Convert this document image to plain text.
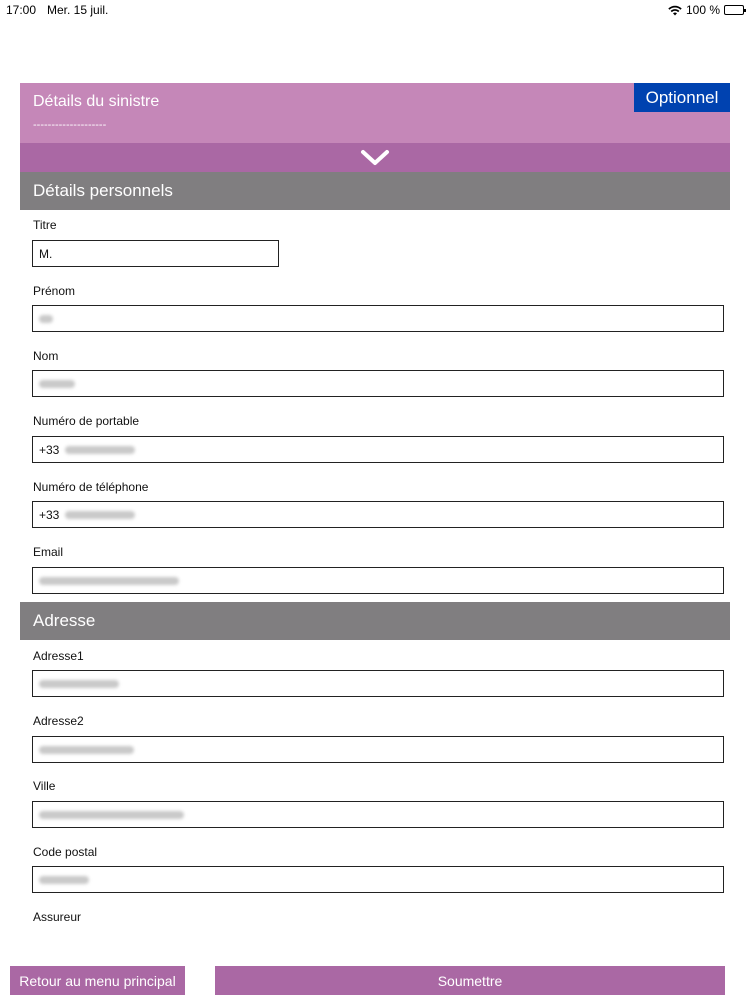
17:00 Mer. 15 juil.	100 %
Détails du sinistre
--------------------
Optionnel
Détails personnels
Titre
M.
Prénom
Nom
Numéro de portable
+33
Numéro de téléphone
+33
Email
Adresse
Adresse1
Adresse2
Ville
Code postal
Assureur
Retour au menu principal	Soumettre
